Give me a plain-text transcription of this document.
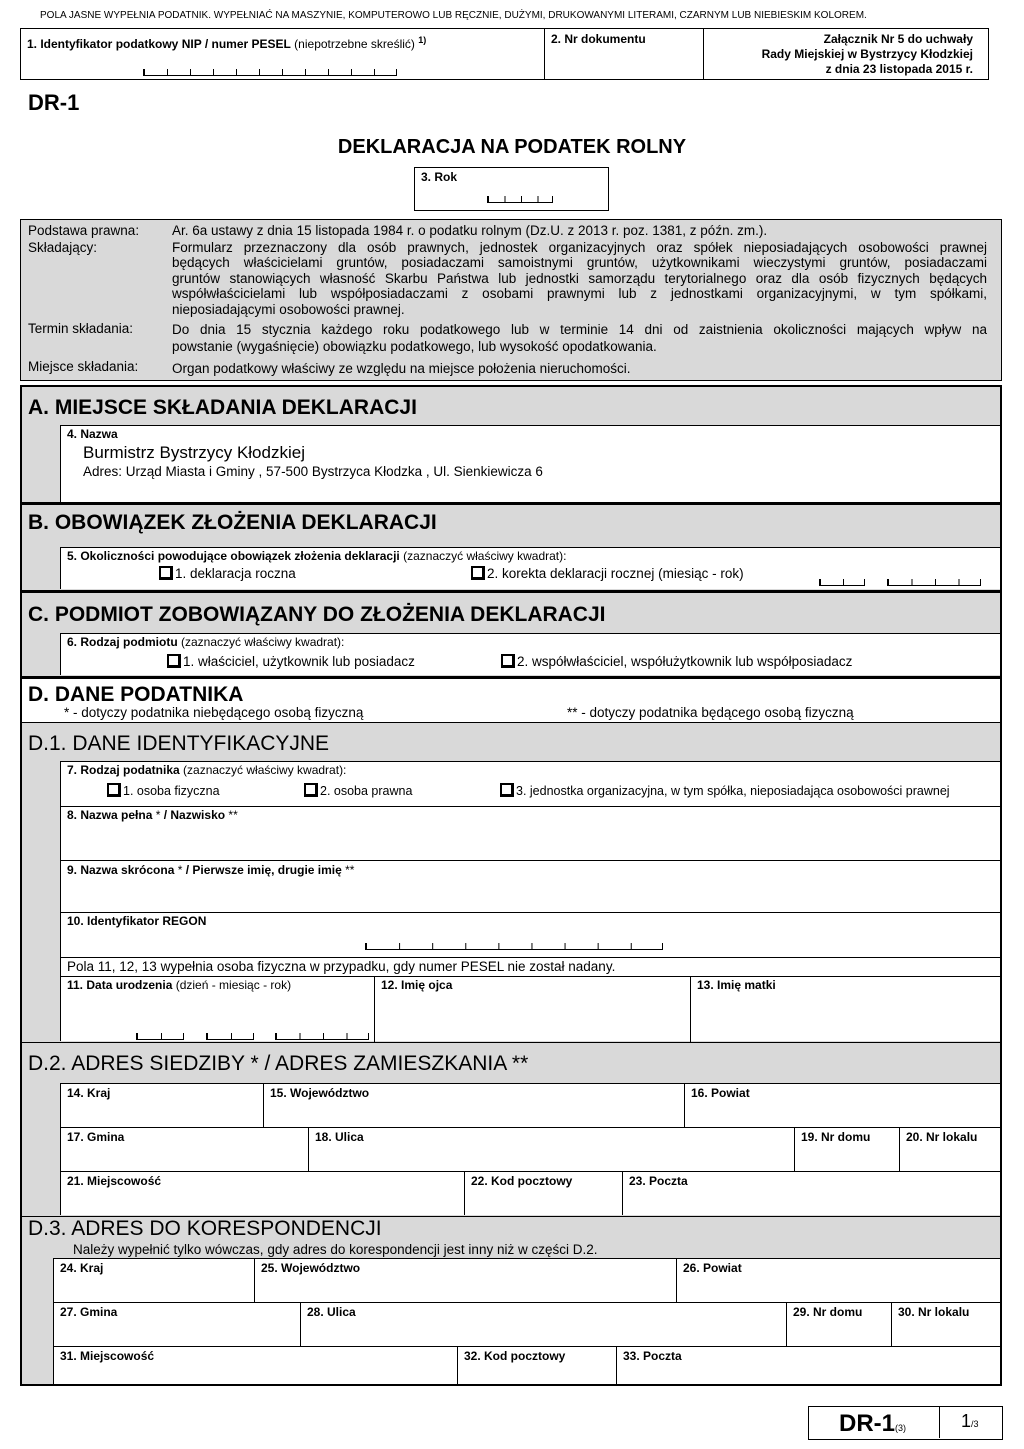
POLA JASNE WYPEŁNIA PODATNIK. WYPEŁNIAĆ NA MASZYNIE, KOMPUTEROWO LUB RĘCZNIE, DUŻYMI, DRUKOWANYMI LITERAMI, CZARNYM LUB NIEBIESKIM KOLOREM.
2. Nr dokumentu
1. Identyfikator podatkowy NIP / numer PESEL (niepotrzebne skreślić) $^{1)}$	Załącznik Nr 5 do uchwały
Rady Miejskiej w Bystrzycy Kłodzkiej
z dnia 23 listopada 2015 r.
DR-1
DEKLARACJA NA PODATEK ROLNY
3. Rok
Podstawa prawna: Ar. 6a ustawy z dnia 15 listopada 1984 r. o podatku rolnym (Dz.U. z 2013 r. poz. 1381, z późn. zm.).
Składający:	Formularz przeznaczony dla osób prawnych, jednostek organizacyjnych oraz spółek nieposiadających osobowości prawnej
będących właścicielami gruntów, posiadaczami samoistnymi gruntów, użytkownikami wieczystymi gruntów, posiadaczami
gruntów stanowiących własność Skarbu Państwa lub jednostki samorządu terytorialnego oraz dla osób fizycznych będących
współwłaścicielami lub współposiadaczami z osobami prawnymi lub z jednostkami organizacyjnymi, w tym spółkami,
nieposiadającymi osobowości prawnej.
Termin składania:	Do dnia 15 stycznia każdego roku podatkowego lub w terminie 14 dni od zaistnienia okoliczności mających wpływ na
powstanie (wygaśnięcie) obowiązku podatkowego, lub wysokość opodatkowania.
Miejsce składania: Organ podatkowy właściwy ze względu na miejsce położenia nieruchomości.
A. MIEJSCE SKŁADANIA DEKLARACJI
4. Nazwa
Burmistrz Bystrzycy Kłodzkiej
Adres: Urząd Miasta i Gminy , 57-500 Bystrzyca Kłodzka , Ul. Sienkiewicza 6
B. OBOWIĄZEK ZŁOŻENIA DEKLARACJI
5. Okoliczności powodujące obowiązek złożenia deklaracji (zaznaczyć właściwy kwadrat):
1. deklaracja roczna	2. korekta deklaracji rocznej (miesiąc - rok)
C. PODMIOT ZOBOWIĄZANY DO ZŁOŻENIA DEKLARACJI
6. Rodzaj podmiotu (zaznaczyć właściwy kwadrat):
1. właściciel, użytkownik lub posiadacz	2. współwłaściciel, współużytkownik lub współposiadacz
D. DANE PODATNIKA
* - dotyczy podatnika niebędącego osobą fizyczną	** - dotyczy podatnika będącego osobą fizyczną
D.1. DANE IDENTYFIKACYJNE
7. Rodzaj podatnika (zaznaczyć właściwy kwadrat):
1. osoba fizyczna	2. osoba prawna	3. jednostka organizacyjna, w tym spółka, nieposiadająca osobowości prawnej
8. Nazwa pełna * / Nazwisko **
9. Nazwa skrócona * / Pierwsze imię, drugie imię **
10. Identyfikator REGON
Pola 11, 12, 13 wypełnia osoba fizyczna w przypadku, gdy numer PESEL nie został nadany.
11. Data urodzenia (dzień - miesiąc - rok)	12. Imię ojca	13. Imię matki
D.2. ADRES SIEDZIBY * / ADRES ZAMIESZKANIA **
14. Kraj	15. Województwo	16. Powiat
17. Gmina	18. Ulica	19. Nr domu	20. Nr lokalu
21. Miejscowość	22. Kod pocztowy	23. Poczta
D.3. ADRES DO KORESPONDENCJI
Należy wypełnić tylko wówczas, gdy adres do korespondencji jest inny niż w części D.2.
24. Kraj	25. Województwo	26. Powiat
27. Gmina	28. Ulica	29. Nr domu	30. Nr lokalu
31. Miejscowość	32. Kod pocztowy	33. Poczta
DR-1(3)	1/3
